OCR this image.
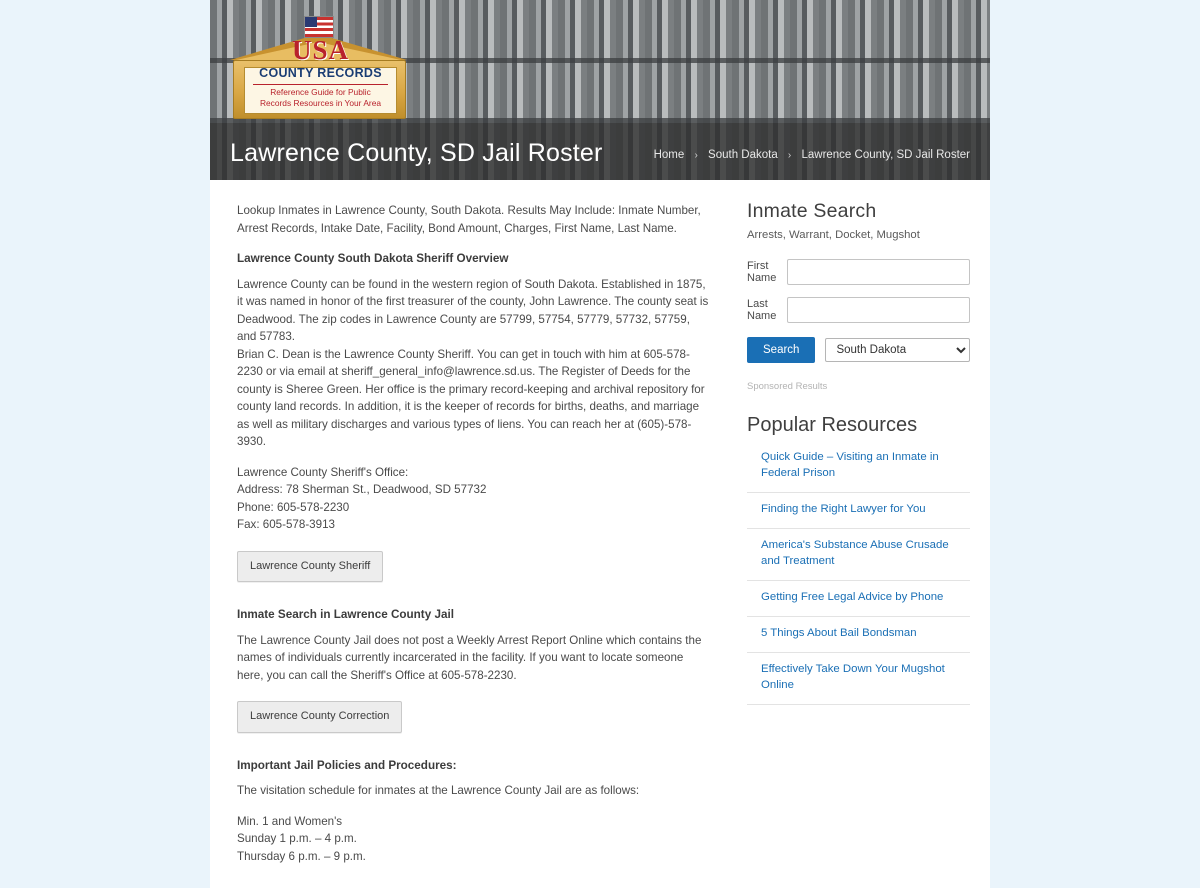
Lawrence County, SD Jail Roster	Home › South Dakota › Lawrence County, SD Jail Roster
USA
COUNTY RECORDS
Reference Guide for Public
Records Resources in Your Area

Lookup Inmates in Lawrence County, South Dakota. Results May Include: Inmate Number, Arrest Records, Intake Date, Facility, Bond Amount, Charges, First Name, Last Name.

Lawrence County South Dakota Sheriff Overview

Lawrence County can be found in the western region of South Dakota. Established in 1875, it was named in honor of the first treasurer of the county, John Lawrence. The county seat is Deadwood. The zip codes in Lawrence County are 57799, 57754, 57779, 57732, 57759, and 57783.

Brian C. Dean is the Lawrence County Sheriff. You can get in touch with him at 605-578-2230 or via email at sheriff_general_info@lawrence.sd.us. The Register of Deeds for the county is Sheree Green. Her office is the primary record-keeping and archival repository for county land records. In addition, it is the keeper of records for births, deaths, and marriage as well as military discharges and various types of liens. You can reach her at (605)-578-3930.

Lawrence County Sheriff's Office:
Address: 78 Sherman St., Deadwood, SD 57732
Phone: 605-578-2230
Fax: 605-578-3913

Lawrence County Sheriff
Inmate Search in Lawrence County Jail

The Lawrence County Jail does not post a Weekly Arrest Report Online which contains the names of individuals currently incarcerated in the facility. If you want to locate someone here, you can call the Sheriff's Office at 605-578-2230.

Lawrence County Correction
Important Jail Policies and Procedures:

The visitation schedule for inmates at the Lawrence County Jail are as follows:

Min. 1 and Women's
Sunday 1 p.m. – 4 p.m.
Thursday 6 p.m. – 9 p.m.

Inmate Search
Arrests, Warrant, Docket, Mugshot
First Name
Last Name
Search
South Dakota
Sponsored Results
Popular Resources
Quick Guide – Visiting an Inmate in Federal Prison
Finding the Right Lawyer for You
America's Substance Abuse Crusade and Treatment
Getting Free Legal Advice by Phone
5 Things About Bail Bondsman
Effectively Take Down Your Mugshot Online
